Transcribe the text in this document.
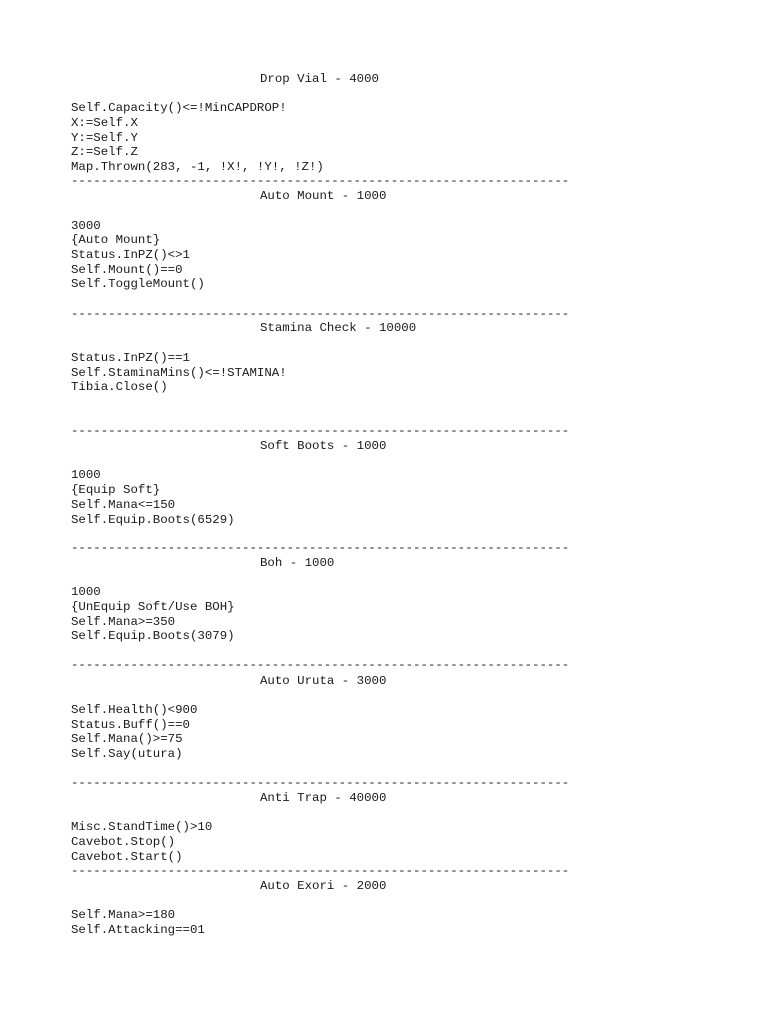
Drop Vial - 4000
Self.Capacity()<=!MinCAPDROP!
X:=Self.X
Y:=Self.Y
Z:=Self.Z
Map.Thrown(283, -1, !X!, !Y!, !Z!)
-------------------------------------------------------------------
Auto Mount - 1000
3000
{Auto Mount}
Status.InPZ()<>1
Self.Mount()==0
Self.ToggleMount()
-------------------------------------------------------------------
Stamina Check - 10000
Status.InPZ()==1
Self.StaminaMins()<=!STAMINA!
Tibia.Close()
-------------------------------------------------------------------
Soft Boots - 1000
1000
{Equip Soft}
Self.Mana<=150
Self.Equip.Boots(6529)
-------------------------------------------------------------------
Boh - 1000
1000
{UnEquip Soft/Use BOH}
Self.Mana>=350
Self.Equip.Boots(3079)
-------------------------------------------------------------------
Auto Uruta - 3000
Self.Health()<900
Status.Buff()==0
Self.Mana()>=75
Self.Say(utura)
-------------------------------------------------------------------
Anti Trap - 40000
Misc.StandTime()>10
Cavebot.Stop()
Cavebot.Start()
-------------------------------------------------------------------
Auto Exori - 2000
Self.Mana>=180
Self.Attacking==01
